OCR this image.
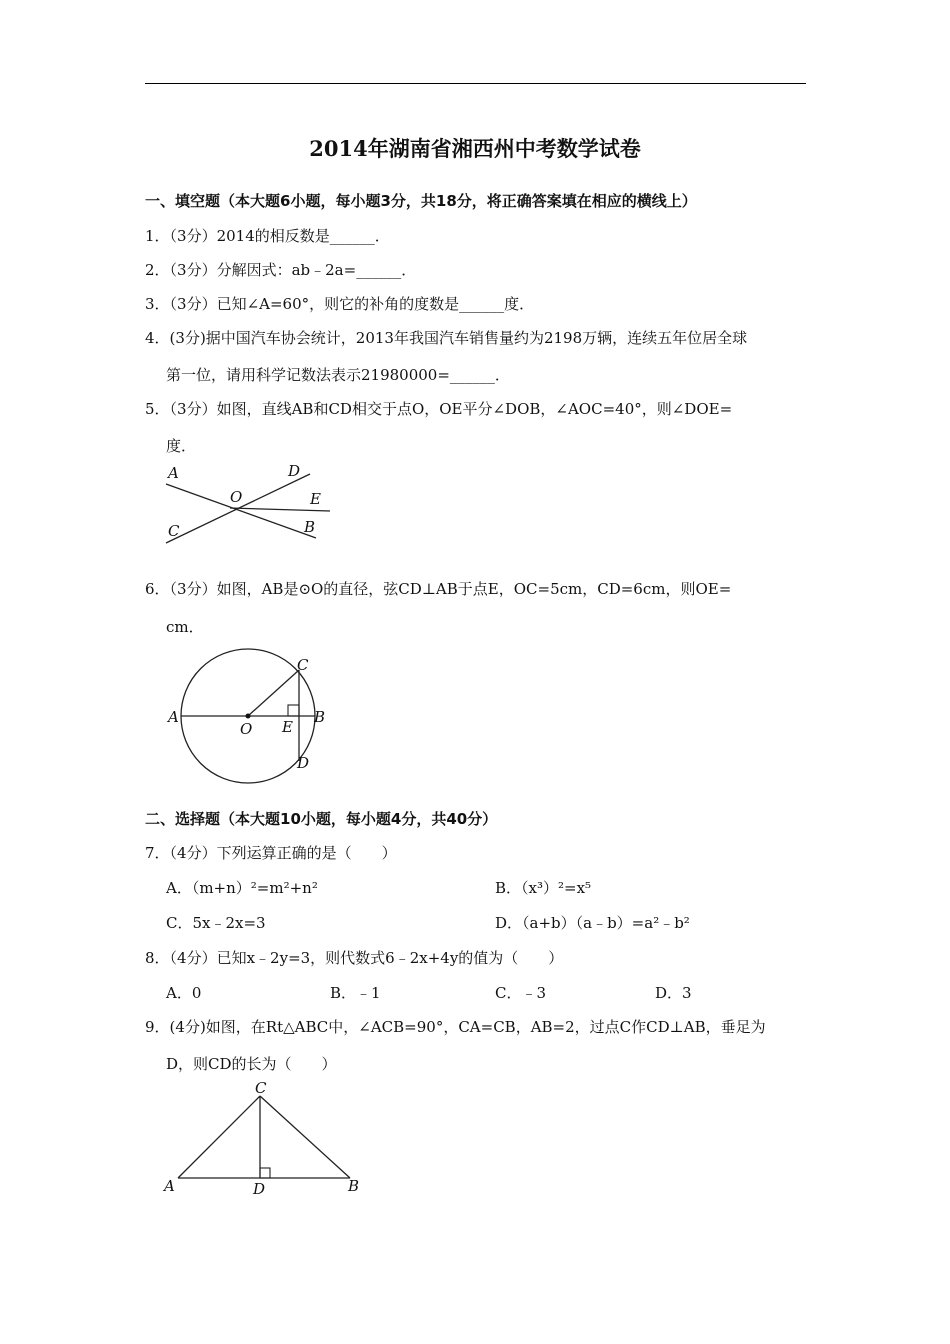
2014年湖南省湘西州中考数学试卷
一、填空题（本大题6小题，每小题3分，共18分，将正确答案填在相应的横线上）
1．（3分）2014的相反数是______．
2．（3分）分解因式：ab﹣2a=______．
3．（3分）已知∠A=60°，则它的补角的度数是______度．
4．(3分)据中国汽车协会统计，2013年我国汽车销售量约为2198万辆，连续五年位居全球
第一位，请用科学记数法表示21980000=______．
5．（3分）如图，直线AB和CD相交于点O，OE平分∠DOB，∠AOC=40°，则∠DOE=
度．
A	D
O	E
C	B
6．（3分）如图，AB是⊙O的直径，弦CD⊥AB于点E，OC=5cm，CD=6cm，则OE=
cm．
A
O E
B
C
D
二、选择题（本大题10小题，每小题4分，共40分）
7．（4分）下列运算正确的是（　　）
A．（m+n）²=m²+n²	B．（x³）²=x⁵
C．5x﹣2x=3	D．（a+b）（a﹣b）=a²﹣b²
8．（4分）已知x﹣2y=3，则代数式6﹣2x+4y的值为（　　）
A．0	B．﹣1	C．﹣3	D．3
9．(4分)如图，在Rt△ABC中，∠ACB=90°，CA=CB，AB=2，过点C作CD⊥AB，垂足为
D，则CD的长为（　　）
C
A	D	B
